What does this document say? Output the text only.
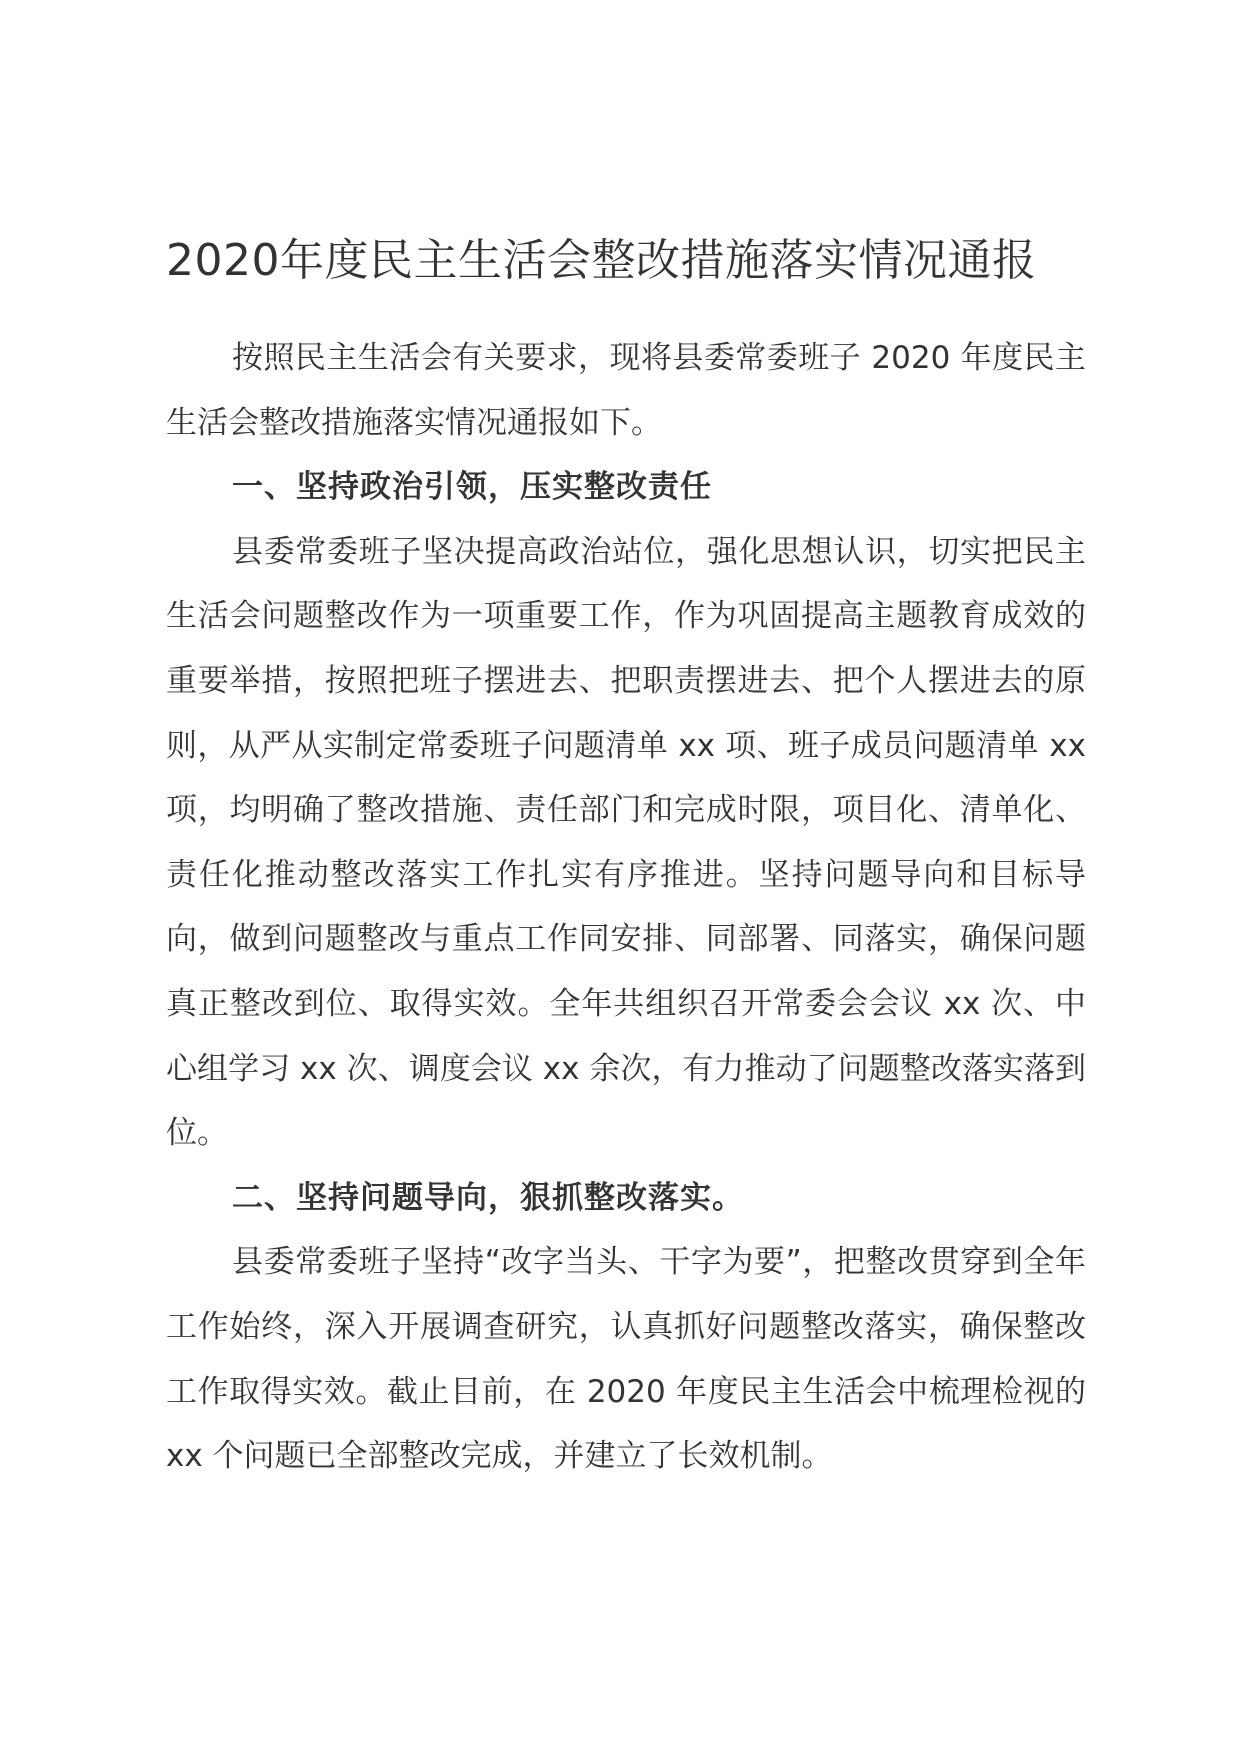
2020年度民主生活会整改措施落实情况通报

按照民主生活会有关要求，现将县委常委班子 2020 年度民主生活会整改措施落实情况通报如下。

一、坚持政治引领，压实整改责任

县委常委班子坚决提高政治站位，强化思想认识，切实把民主生活会问题整改作为一项重要工作，作为巩固提高主题教育成效的重要举措，按照把班子摆进去、把职责摆进去、把个人摆进去的原则，从严从实制定常委班子问题清单 xx 项、班子成员问题清单 xx 项，均明确了整改措施、责任部门和完成时限，项目化、清单化、责任化推动整改落实工作扎实有序推进。坚持问题导向和目标导向，做到问题整改与重点工作同安排、同部署、同落实，确保问题真正整改到位、取得实效。全年共组织召开常委会会议 xx 次、中心组学习 xx 次、调度会议 xx 余次，有力推动了问题整改落实落到位。

二、坚持问题导向，狠抓整改落实。

县委常委班子坚持“改字当头、干字为要”，把整改贯穿到全年工作始终，深入开展调查研究，认真抓好问题整改落实，确保整改工作取得实效。截止目前，在 2020 年度民主生活会中梳理检视的 xx 个问题已全部整改完成，并建立了长效机制。
